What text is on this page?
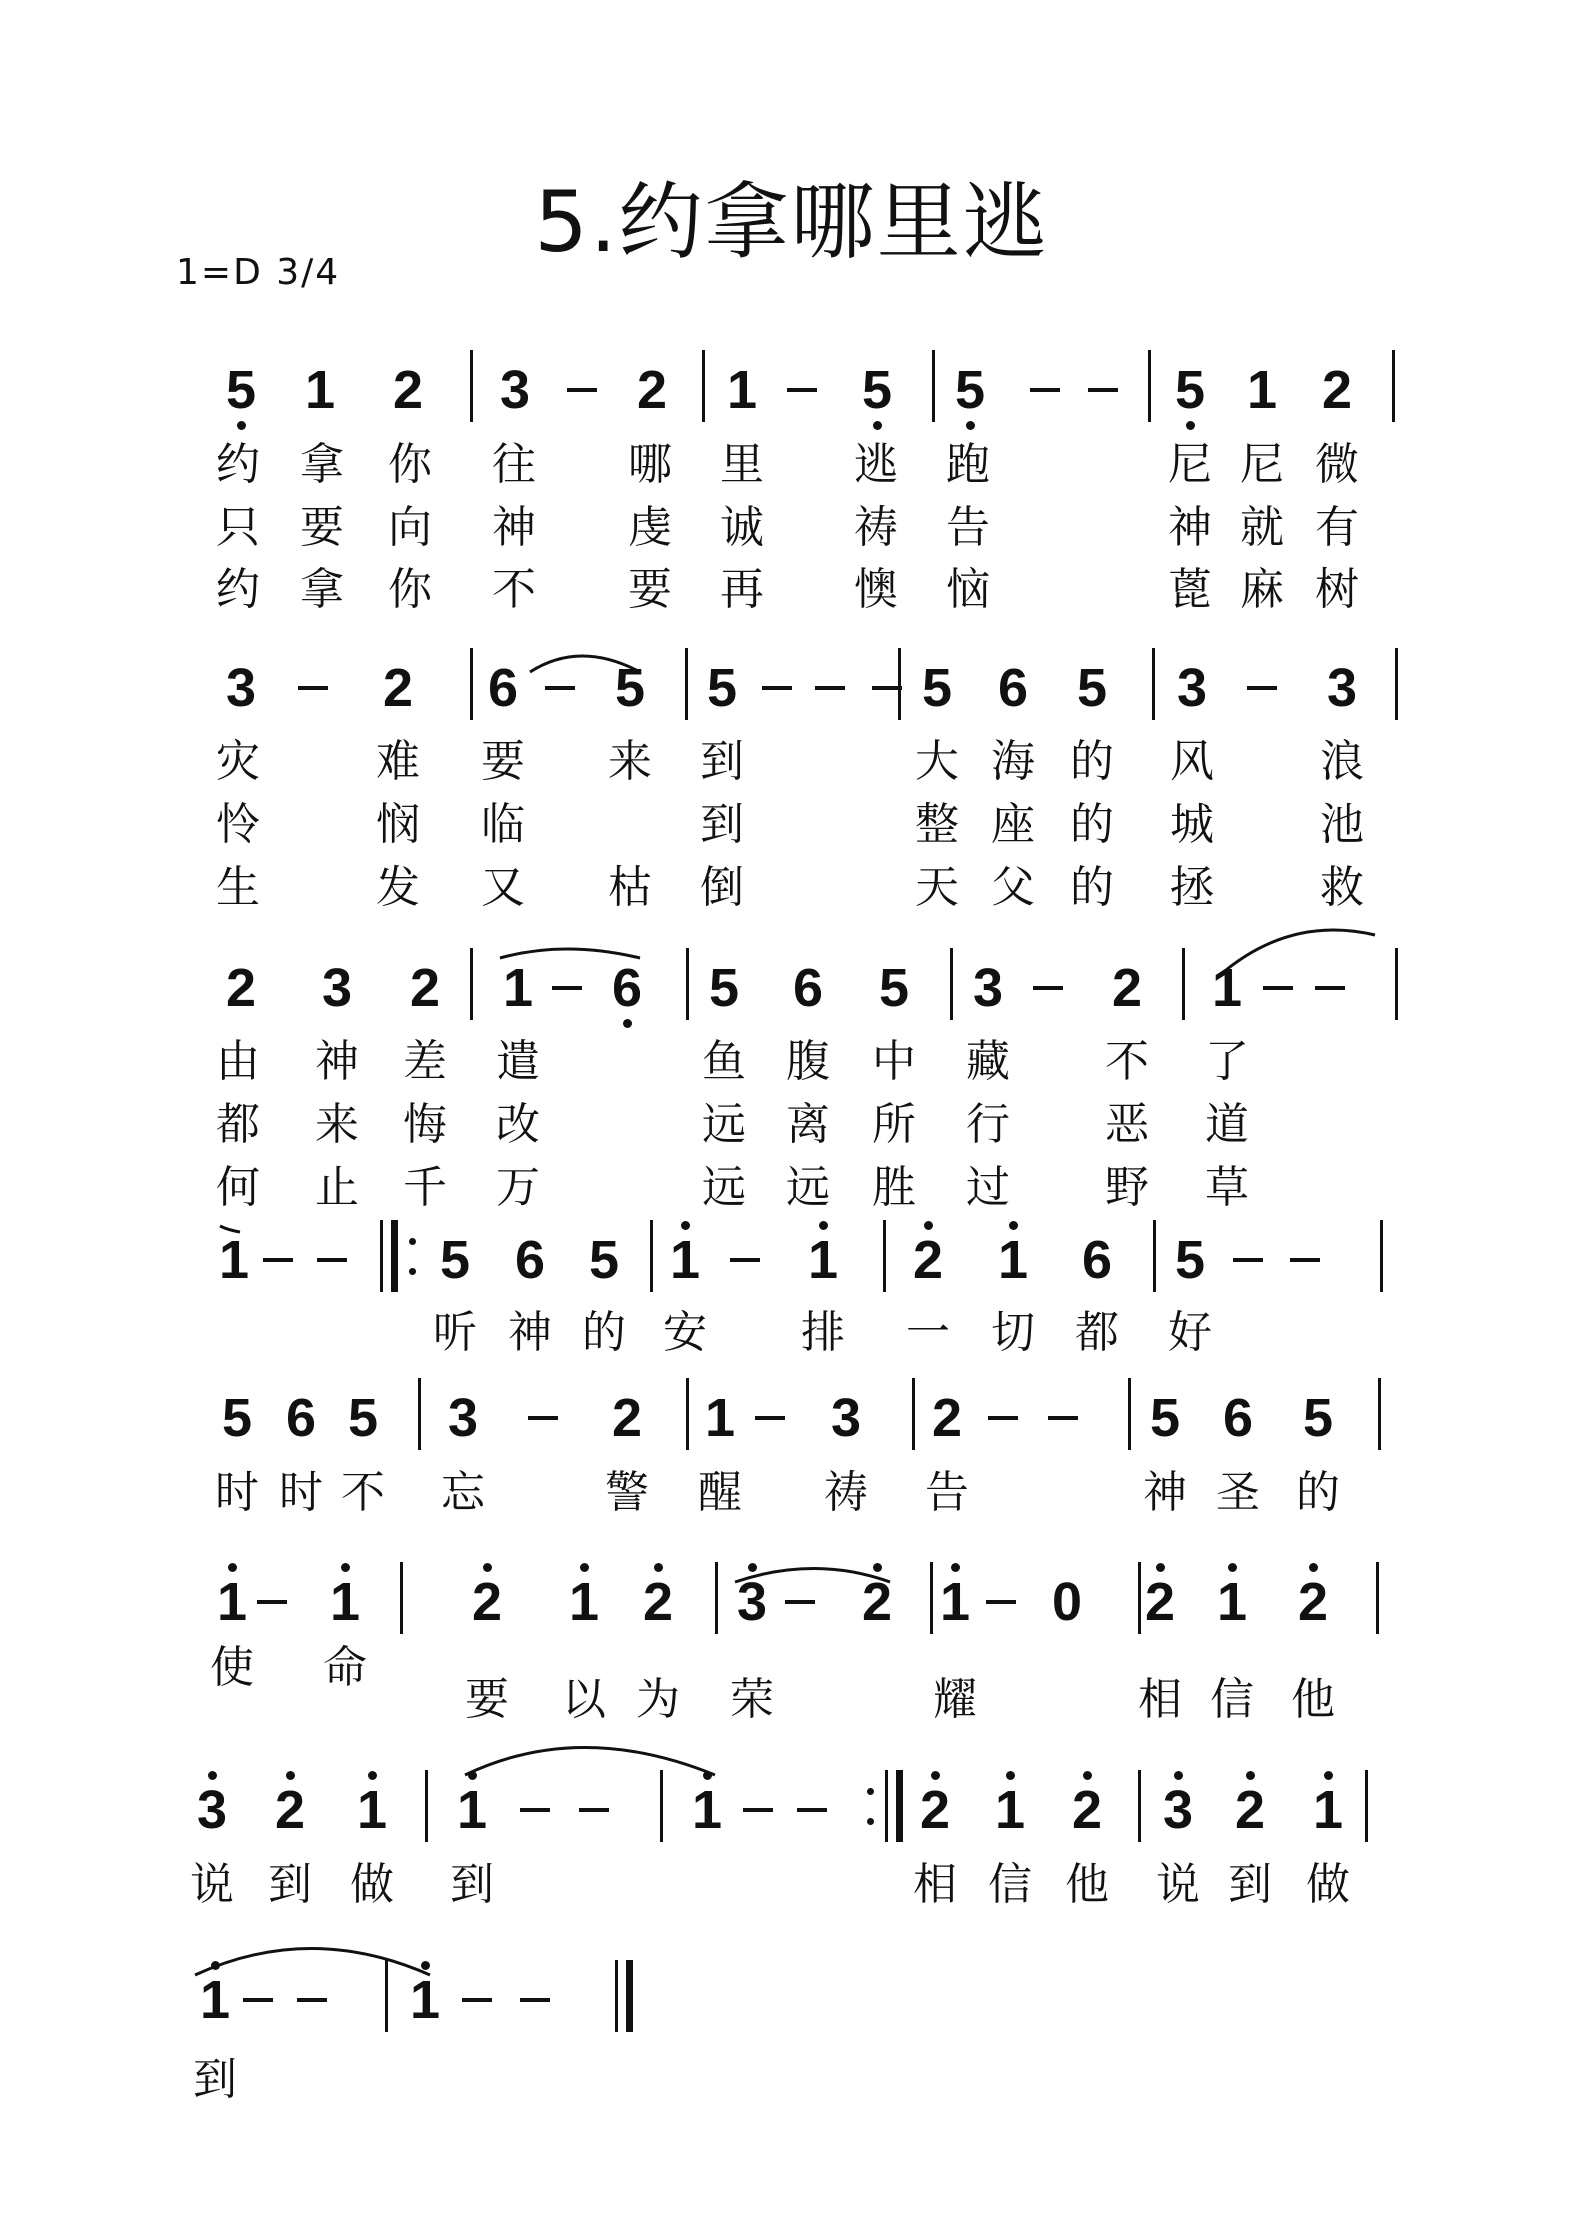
5.约拿哪里逃
1=D 3/4
5 1 2 3 2 1 5 5	5 1 2
约 拿 你 往 哪 里 逃 跑	尼 尼 微
只 要 向 神 虔 诚 祷 告	神 就 有
约 拿 你 不 要 再 懊 恼	蓖 麻 树
3 2 6 5 5	5 6 5 3 3
灾	难 要 来 到	大 海 的 风 浪
怜	悯 临	到	整 座 的 城 池
生	发 又 枯 倒	天 父 的 拯 救
2 3 2 1 6 5 6 5 3 2 1
由 神 差 遣	鱼 腹 中 藏 不 了
都 来 悔 改	远 离 所 行 恶 道
何 止 千 万	远 远 胜 过 野 草
1	5 6 5 1 1 2 1 6 5
听 神 的 安 排 一 切 都 好
5 6 5 3 2 1 3 2	5 6 5
时 时 不 忘	警 醒 祷 告	神 圣 的
1 1 2 1 2 3 2 1 0 2 1 2
使 命
要 以 为 荣	耀	相 信 他
3 2 1 1	1	2 1 2 3 2 1
说 到 做 到	相 信 他 说 到 做
1	1
到
